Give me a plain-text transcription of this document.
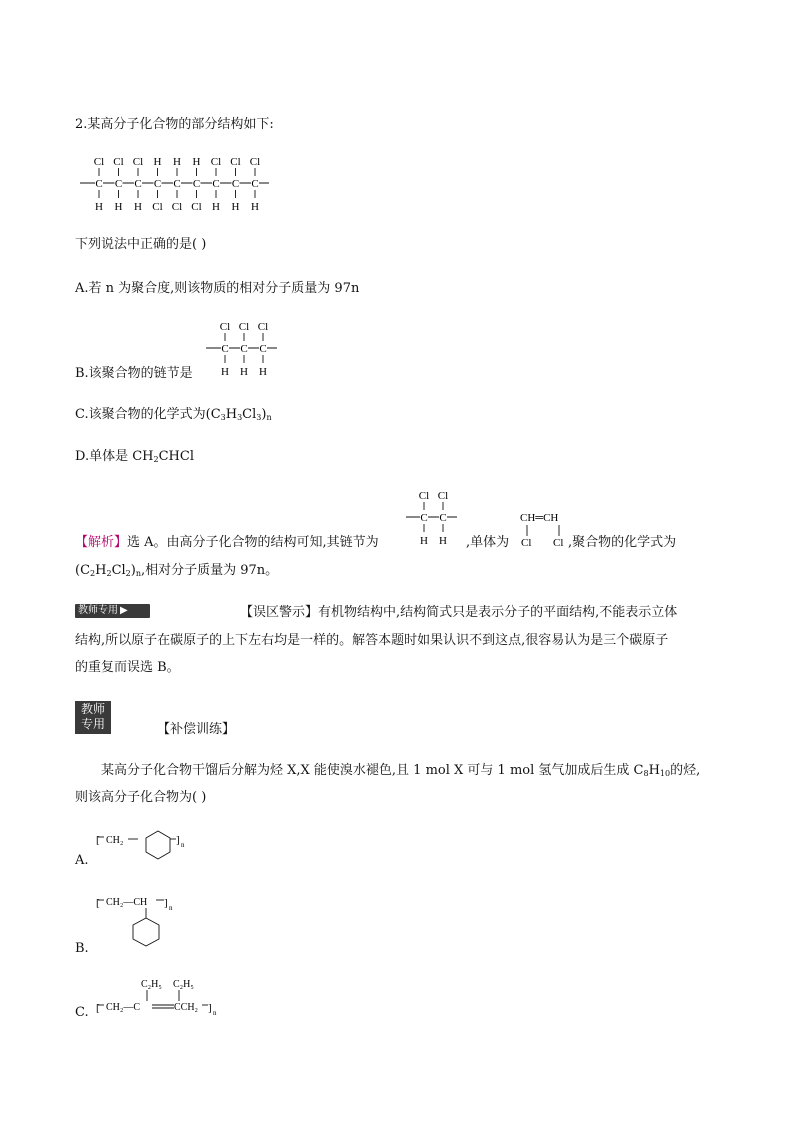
2.某高分子化合物的部分结构如下:
C
Cl
H
C
Cl
H
C
Cl
H
C
H
Cl
C
H
Cl
C
H
Cl
C
Cl
H
C
Cl
H
C
Cl
H
下列说法中正确的是( )
A.若 n 为聚合度,则该物质的相对分子质量为 97n
C
Cl
H
C
Cl
H
C
Cl
H
B.该聚合物的链节是
C.该聚合物的化学式为$(C_3H_3Cl_3)_n$
D.单体是 $CH_2CHCl$
C
Cl
H
C
Cl
H
CH═CH
Cl Cl
【解析】选 A。由高分子化合物的结构可知,其链节为	,单体为	,聚合物的化学式为
$(C_2H_2Cl_2)_n$,相对分子质量为 97n。
教师专用 ▶	【误区警示】有机物结构中,结构简式只是表示分子的平面结构,不能表示立体
结构,所以原子在碳原子的上下左右均是一样的。解答本题时如果认识不到这点,很容易认为是三个碳原子
的重复而误选 B。
教师
专用	【补偿训练】
某高分子化合物干馏后分解为烃 X,X 能使溴水褪色,且 1 mol X 可与 1 mol 氢气加成后生成 $C_8H_{10}$的烃,
则该高分子化合物为( )
[ CH₂	] n
A.
[ CH₂—CH ] n
B.
C₂H₅ C₂H₅
[ CH₂—C	CCH₂ ] n
C.
